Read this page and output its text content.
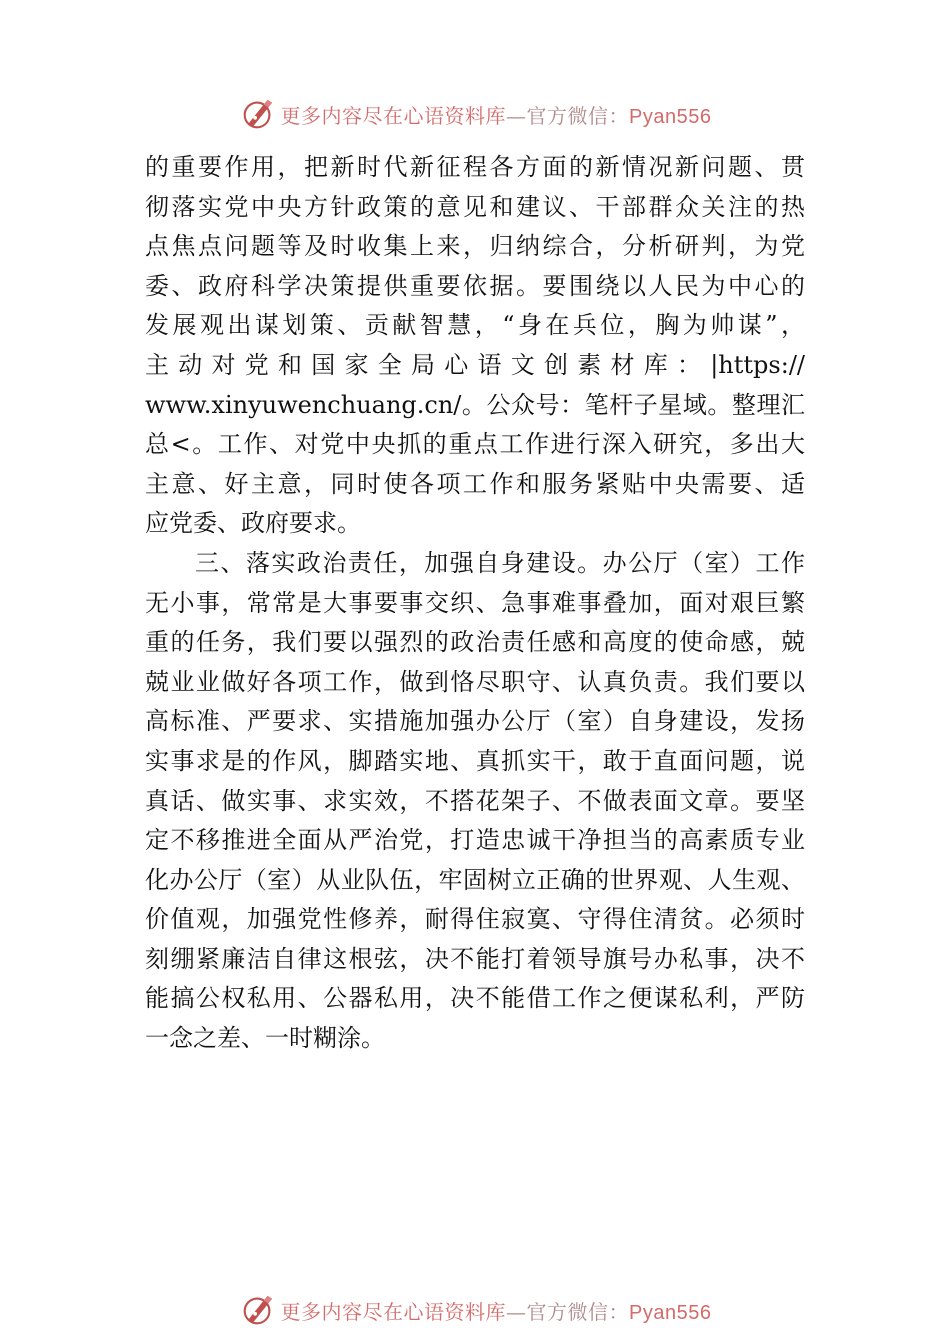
更多内容尽在心语资料库—官方微信：Pyan556
的重要作用，把新时代新征程各方面的新情况新问题、贯
彻落实党中央方针政策的意见和建议、干部群众关注的热
点焦点问题等及时收集上来，归纳综合，分析研判，为党
委、政府科学决策提供重要依据。要围绕以人民为中心的
发展观出谋划策、贡献智慧，“身在兵位，胸为帅谋”，
主动对党和国家全局心语文创素材库：|https://
www.xinyuwenchuang.cn/。公众号：笔杆子星域。整理汇
总<。工作、对党中央抓的重点工作进行深入研究，多出大
主意、好主意，同时使各项工作和服务紧贴中央需要、适
应党委、政府要求。
三、落实政治责任，加强自身建设。办公厅（室）工作
无小事，常常是大事要事交织、急事难事叠加，面对艰巨繁
重的任务，我们要以强烈的政治责任感和高度的使命感，兢
兢业业做好各项工作，做到恪尽职守、认真负责。我们要以
高标准、严要求、实措施加强办公厅（室）自身建设，发扬
实事求是的作风，脚踏实地、真抓实干，敢于直面问题，说
真话、做实事、求实效，不搭花架子、不做表面文章。要坚
定不移推进全面从严治党，打造忠诚干净担当的高素质专业
化办公厅（室）从业队伍，牢固树立正确的世界观、人生观、
价值观，加强党性修养，耐得住寂寞、守得住清贫。必须时
刻绷紧廉洁自律这根弦，决不能打着领导旗号办私事，决不
能搞公权私用、公器私用，决不能借工作之便谋私利，严防
一念之差、一时糊涂。
更多内容尽在心语资料库—官方微信：Pyan556
